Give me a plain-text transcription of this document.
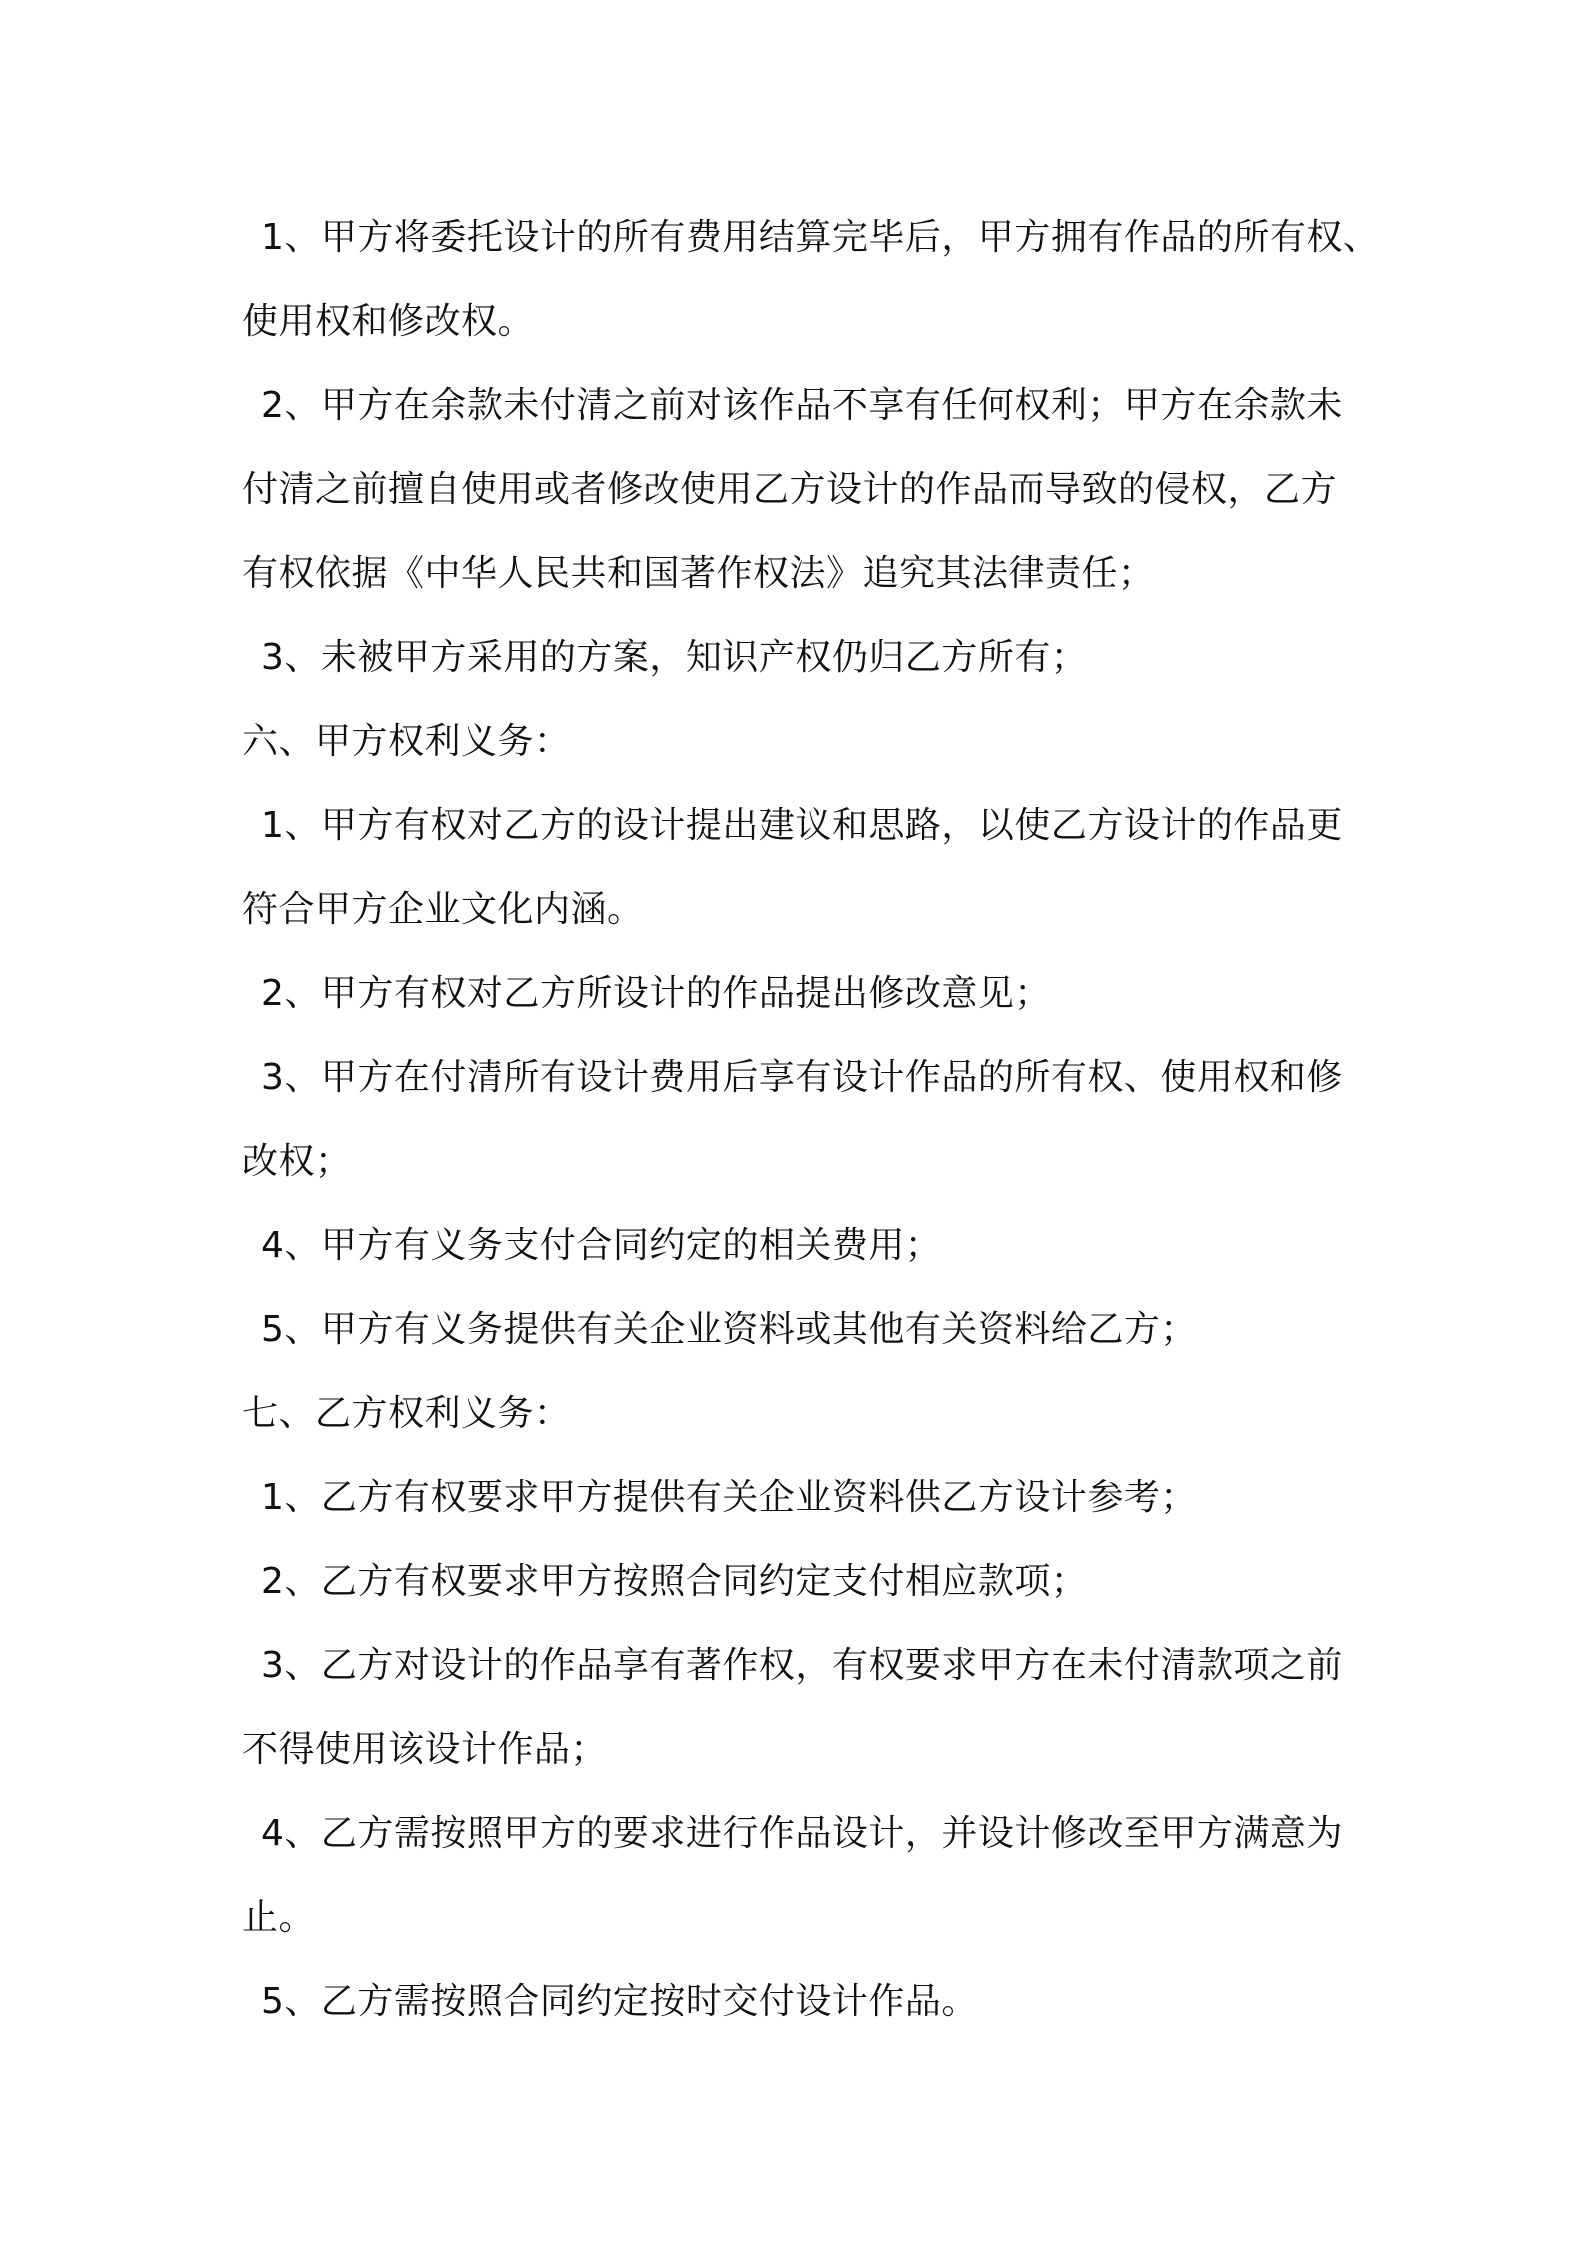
1、甲方将委托设计的所有费用结算完毕后，甲方拥有作品的所有权、
使用权和修改权。
2、甲方在余款未付清之前对该作品不享有任何权利；甲方在余款未
付清之前擅自使用或者修改使用乙方设计的作品而导致的侵权，乙方
有权依据《中华人民共和国著作权法》追究其法律责任；
3、未被甲方采用的方案，知识产权仍归乙方所有；
六、甲方权利义务：
1、甲方有权对乙方的设计提出建议和思路，以使乙方设计的作品更
符合甲方企业文化内涵。
2、甲方有权对乙方所设计的作品提出修改意见；
3、甲方在付清所有设计费用后享有设计作品的所有权、使用权和修
改权；
4、甲方有义务支付合同约定的相关费用；
5、甲方有义务提供有关企业资料或其他有关资料给乙方；
七、乙方权利义务：
1、乙方有权要求甲方提供有关企业资料供乙方设计参考；
2、乙方有权要求甲方按照合同约定支付相应款项；
3、乙方对设计的作品享有著作权，有权要求甲方在未付清款项之前
不得使用该设计作品；
4、乙方需按照甲方的要求进行作品设计，并设计修改至甲方满意为
止。
5、乙方需按照合同约定按时交付设计作品。
